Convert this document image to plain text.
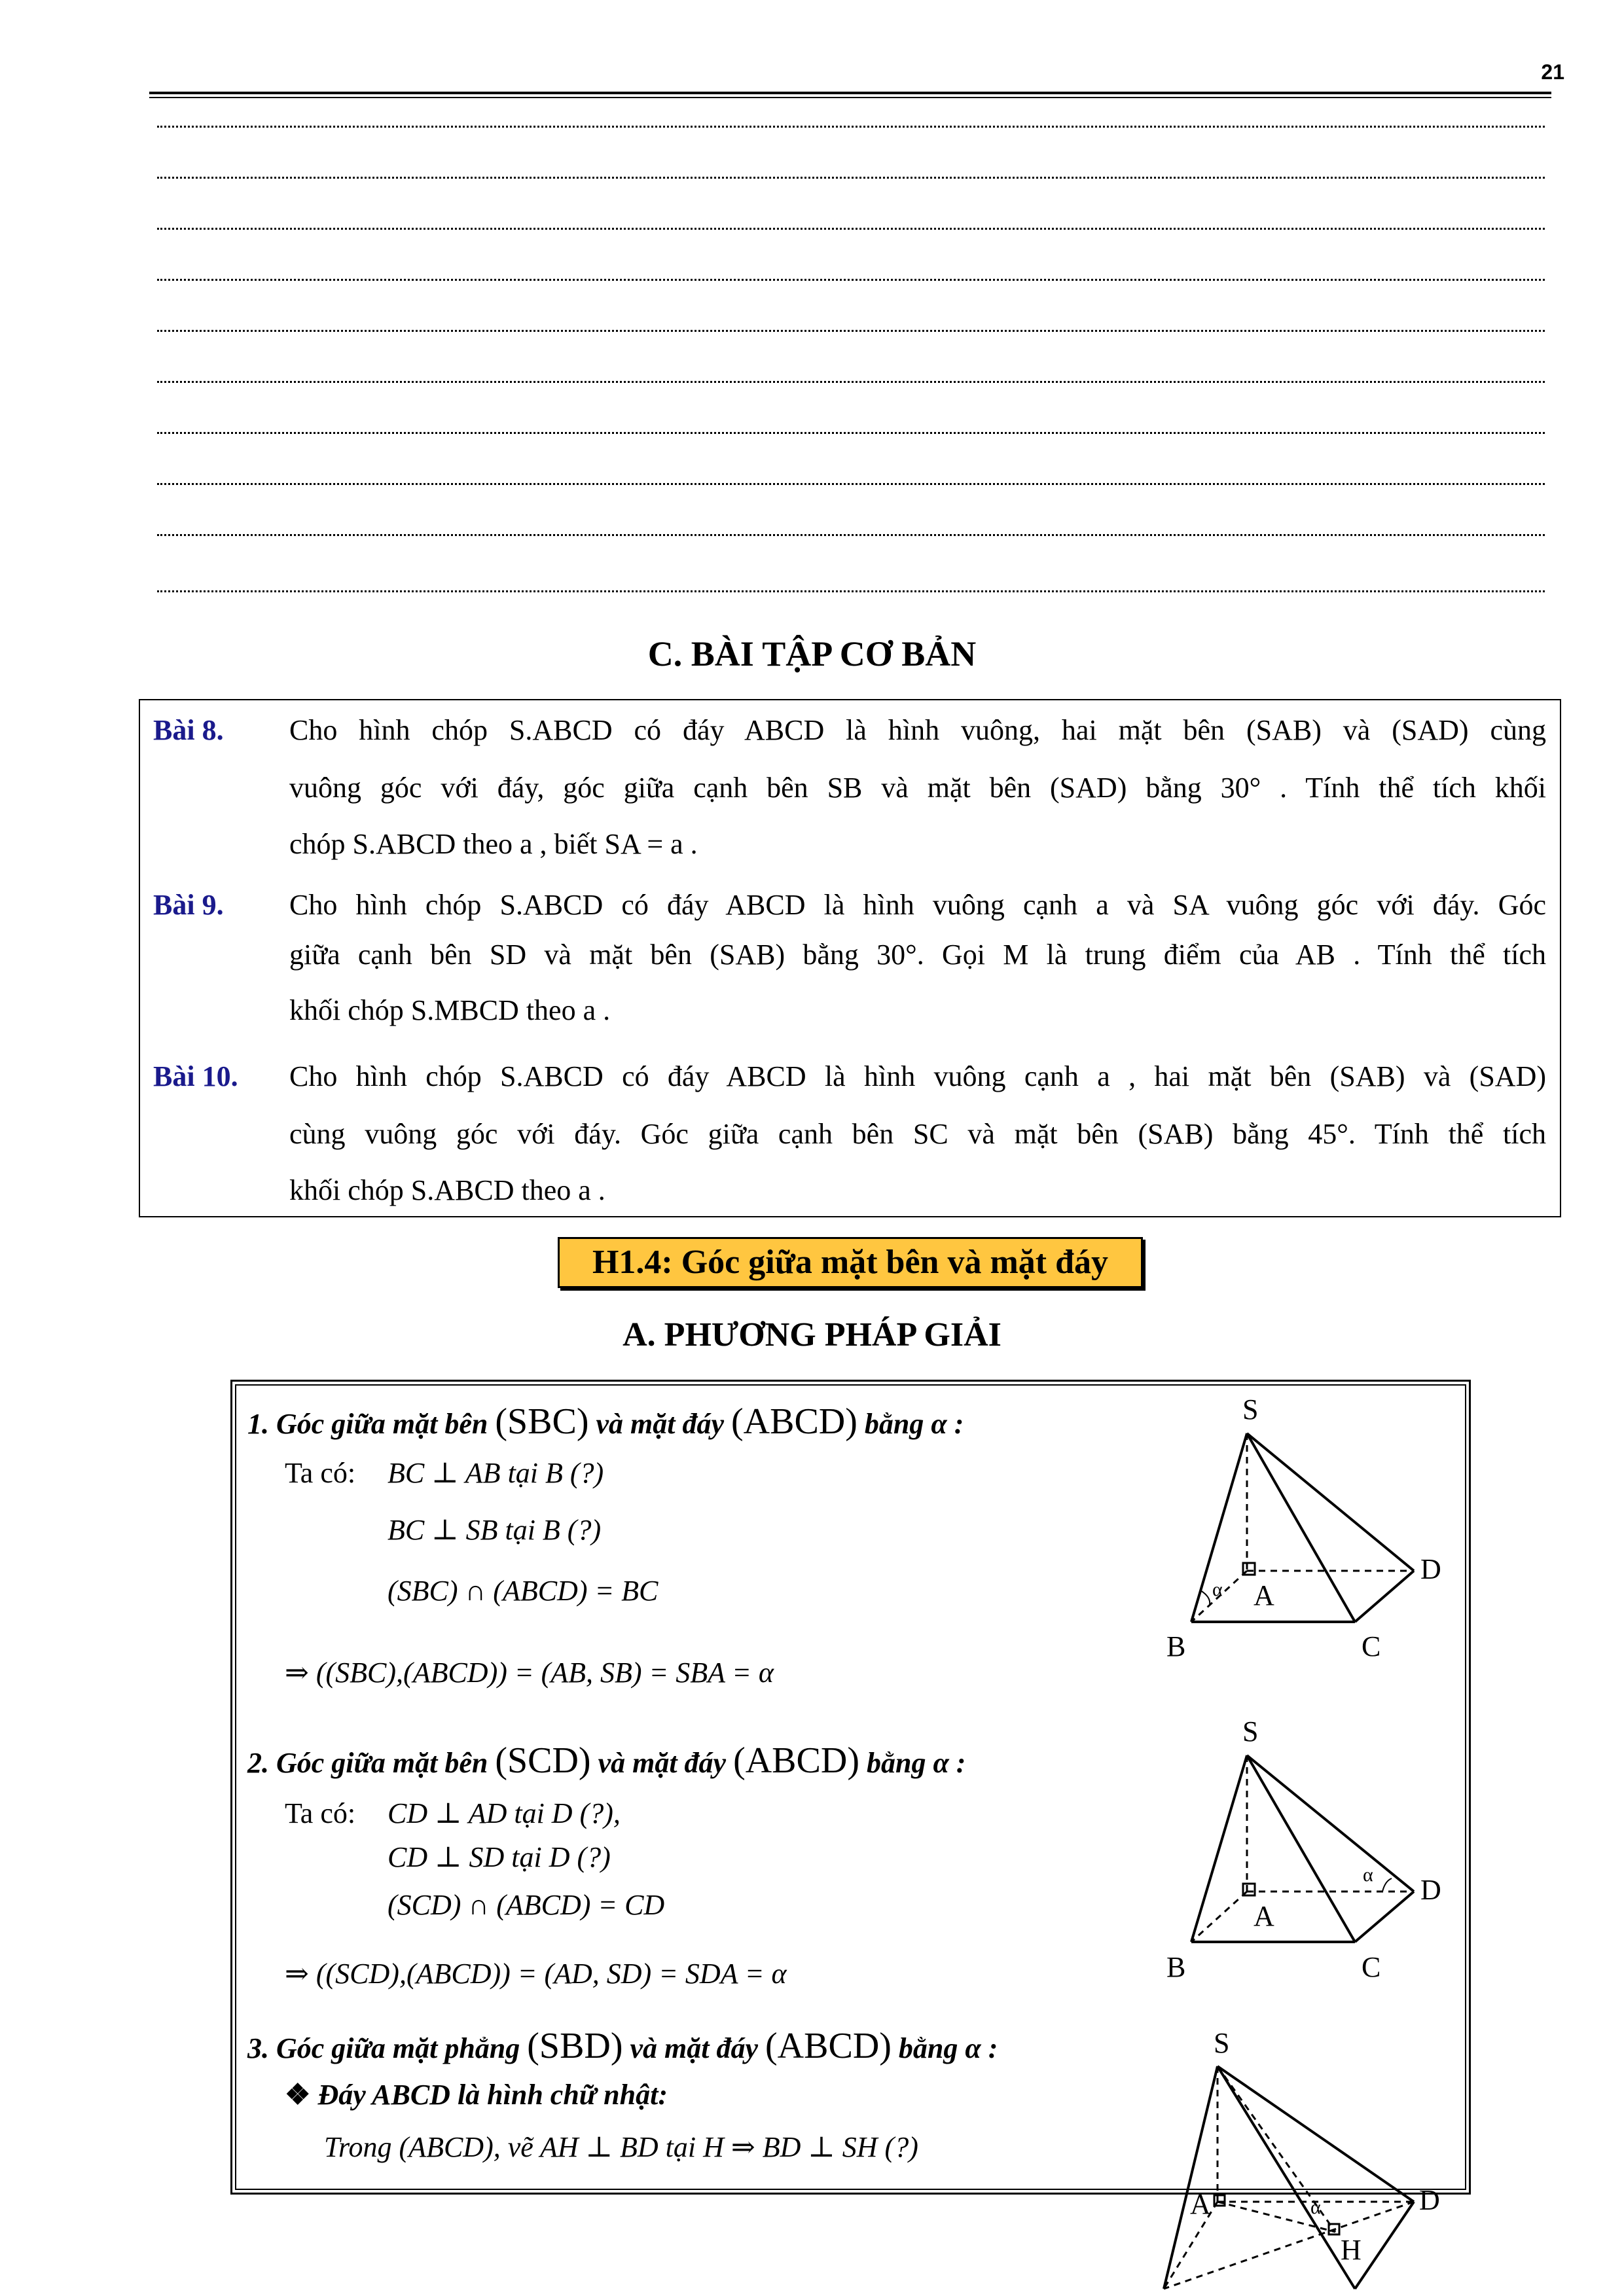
21
C. BÀI TẬP CƠ BẢN
Bài 8. Cho hình chóp S.ABCD có đáy ABCD là hình vuông, hai mặt bên (SAB) và (SAD) cùng
vuông góc với đáy, góc giữa cạnh bên SB và mặt bên (SAD) bằng 30° . Tính thể tích khối
chóp S.ABCD theo a , biết SA = a .
Bài 9. Cho hình chóp S.ABCD có đáy ABCD là hình vuông cạnh a và SA vuông góc với đáy. Góc
giữa cạnh bên SD và mặt bên (SAB) bằng 30°. Gọi M là trung điểm của AB . Tính thể tích
khối chóp S.MBCD theo a .
Bài 10. Cho hình chóp S.ABCD có đáy ABCD là hình vuông cạnh a , hai mặt bên (SAB) và (SAD)
cùng vuông góc với đáy. Góc giữa cạnh bên SC và mặt bên (SAB) bằng 45°. Tính thể tích
khối chóp S.ABCD theo a .
H1.4: Góc giữa mặt bên và mặt đáy
A. PHƯƠNG PHÁP GIẢI
1. Góc giữa mặt bên (SBC) và mặt đáy (ABCD) bằng α :
Ta có: BC ⊥ AB tại B (?)
BC ⊥ SB tại B (?)
(SBC) ∩ (ABCD) = BC
⇒ ((SBC),(ABCD)) = (AB, SB) = SBA = α
2. Góc giữa mặt bên (SCD) và mặt đáy (ABCD) bằng α :
Ta có: CD ⊥ AD tại D (?),
CD ⊥ SD tại D (?)
(SCD) ∩ (ABCD) = CD
⇒ ((SCD),(ABCD)) = (AD, SD) = SDA = α
3. Góc giữa mặt phẳng (SBD) và mặt đáy (ABCD) bằng α :
❖ Đáy ABCD là hình chữ nhật:
Trong (ABCD), vẽ AH ⊥ BD tại H ⇒ BD ⊥ SH (?)
S
A
B	C
D
α
S
A
B	C
D
α
S
A	D
H
α
